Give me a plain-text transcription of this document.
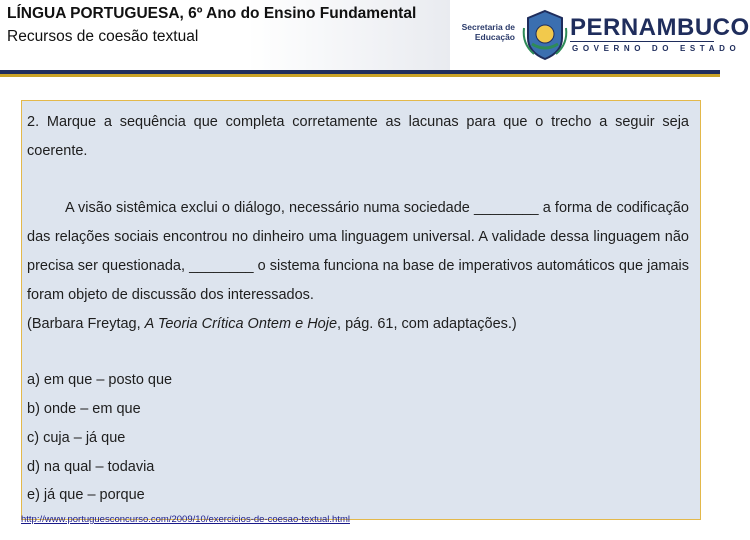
LÍNGUA PORTUGUESA, 6º Ano do Ensino Fundamental
Recursos de coesão textual
Secretaria de
Educação PERNAMBUCO
GOVERNO DO ESTADO
2. Marque a sequência que completa corretamente as lacunas para que o trecho a seguir seja coerente.
A visão sistêmica exclui o diálogo, necessário numa sociedade ________ a forma de codificação das relações sociais encontrou no dinheiro uma linguagem universal. A validade dessa linguagem não precisa ser questionada, ________ o sistema funciona na base de imperativos automáticos que jamais foram objeto de discussão dos interessados.
(Barbara Freytag, A Teoria Crítica Ontem e Hoje, pág. 61, com adaptações.)
a) em que – posto que
b) onde – em que
c) cuja – já que
d) na qual – todavia
e) já que – porque
http://www.portuguesconcurso.com/2009/10/exercicios-de-coesao-textual.html
